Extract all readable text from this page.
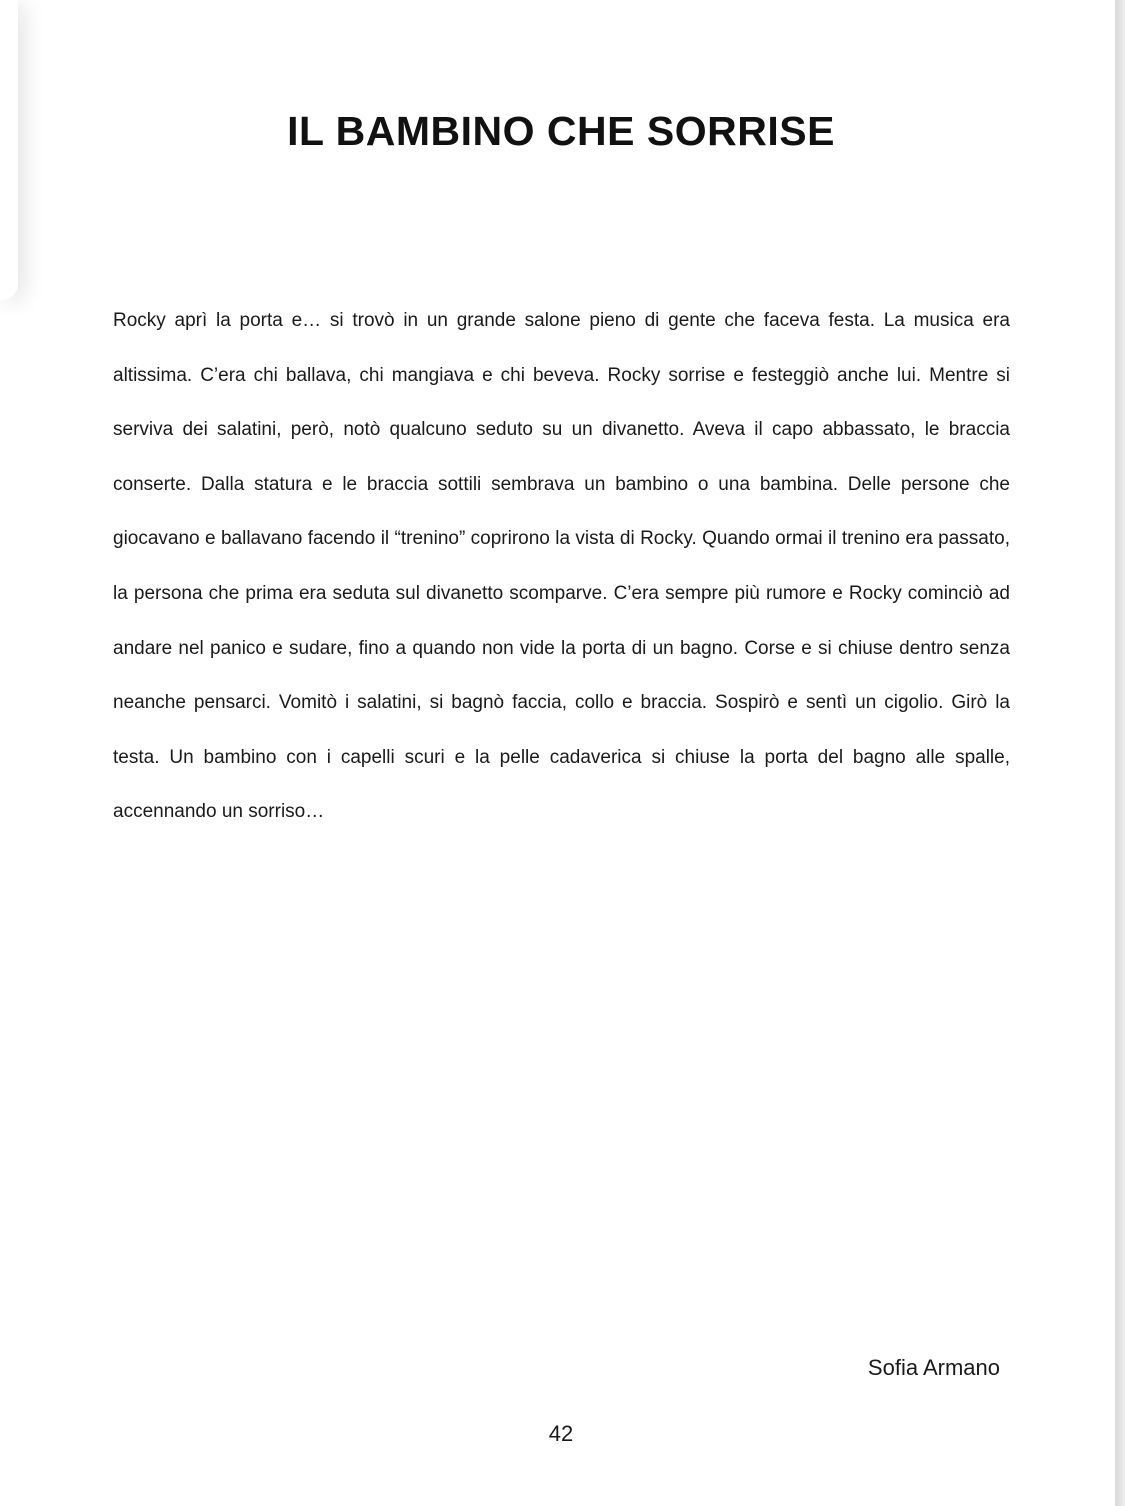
IL BAMBINO CHE SORRISE

Rocky aprì la porta e… si trovò in un grande salone pieno di gente che faceva festa. La musica era altissima. C’era chi ballava, chi mangiava e chi beveva. Rocky sorrise e festeggiò anche lui. Mentre si serviva dei salatini, però, notò qualcuno seduto su un divanetto. Aveva il capo abbassato, le braccia conserte. Dalla statura e le braccia sottili sembrava un bambino o una bambina. Delle persone che giocavano e ballavano facendo il “trenino” coprirono la vista di Rocky. Quando ormai il trenino era passato, la persona che prima era seduta sul divanetto scomparve. C’era sempre più rumore e Rocky cominciò ad andare nel panico e sudare, fino a quando non vide la porta di un bagno. Corse e si chiuse dentro senza neanche pensarci. Vomitò i salatini, si bagnò faccia, collo e braccia. Sospirò e sentì un cigolio. Girò la testa. Un bambino con i capelli scuri e la pelle cadaverica si chiuse la porta del bagno alle spalle, accennando un sorriso…

Sofia Armano

42
